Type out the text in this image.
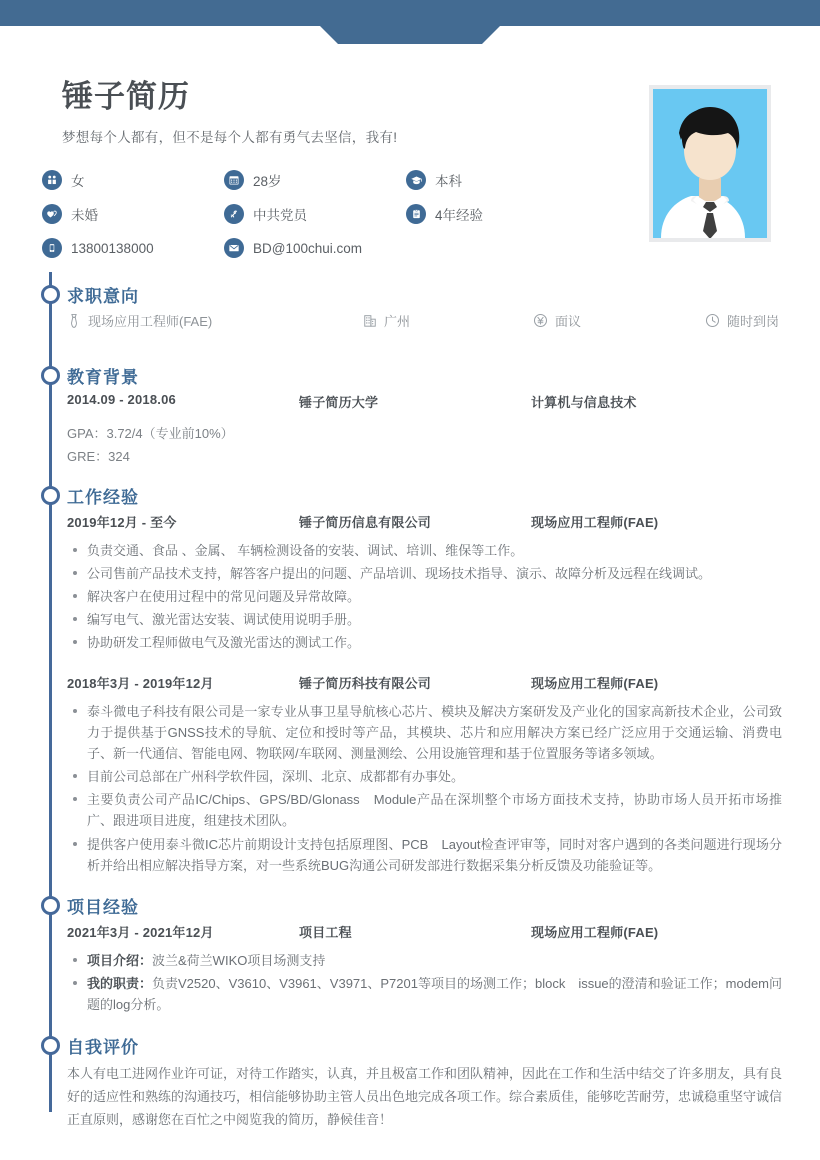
锤子简历
梦想每个人都有，但不是每个人都有勇气去坚信，我有!
女	28岁	本科
未婚	中共党员	4年经验
13800138000	BD@100chui.com
求职意向
现场应用工程师(FAE)	广州	面议	随时到岗
教育背景
2014.09 - 2018.06	锤子简历大学	计算机与信息技术
GPA：3.72/4（专业前10%）
GRE：324
工作经验
2019年12月 - 至今	锤子简历信息有限公司	现场应用工程师(FAE)
负责交通、食品 、金属、 车辆检测设备的安装、调试、培训、维保等工作。
公司售前产品技术支持，解答客户提出的问题、产品培训、现场技术指导、演示、故障分析及远程在线调试。
解决客户在使用过程中的常见问题及异常故障。
编写电气、激光雷达安装、调试使用说明手册。
协助研发工程师做电气及激光雷达的测试工作。
2018年3月 - 2019年12月	锤子简历科技有限公司	现场应用工程师(FAE)
泰斗微电子科技有限公司是一家专业从事卫星导航核心芯片、模块及解决方案研发及产业化的国家高新技术企业，公司致力于提供基于GNSS技术的导航、定位和授时等产品，其模块、芯片和应用解决方案已经广泛应用于交通运输、消费电子、新一代通信、智能电网、物联网/车联网、测量测绘、公用设施管理和基于位置服务等诸多领域。
目前公司总部在广州科学软件园，深圳、北京、成都都有办事处。
主要负责公司产品IC/Chips、GPS/BD/Glonass　Module产品在深圳整个市场方面技术支持，协助市场人员开拓市场推广、跟进项目进度，组建技术团队。
提供客户使用泰斗微IC芯片前期设计支持包括原理图、PCB　Layout检查评审等，同时对客户遇到的各类问题进行现场分析并给出相应解决指导方案，对一些系统BUG沟通公司研发部进行数据采集分析反馈及功能验证等。
项目经验
2021年3月 - 2021年12月	项目工程	现场应用工程师(FAE)
项目介绍：波兰&荷兰WIKO项目场测支持
我的职责：负责V2520、V3610、V3961、V3971、P7201等项目的场测工作；block　issue的澄清和验证工作；modem问题的log分析。
自我评价
本人有电工进网作业许可证，对待工作踏实，认真，并且极富工作和团队精神，因此在工作和生活中结交了许多朋友，具有良好的适应性和熟练的沟通技巧，相信能够协助主管人员出色地完成各项工作。综合素质佳，能够吃苦耐劳，忠诚稳重坚守诚信正直原则，感谢您在百忙之中阅览我的简历，静候佳音！
